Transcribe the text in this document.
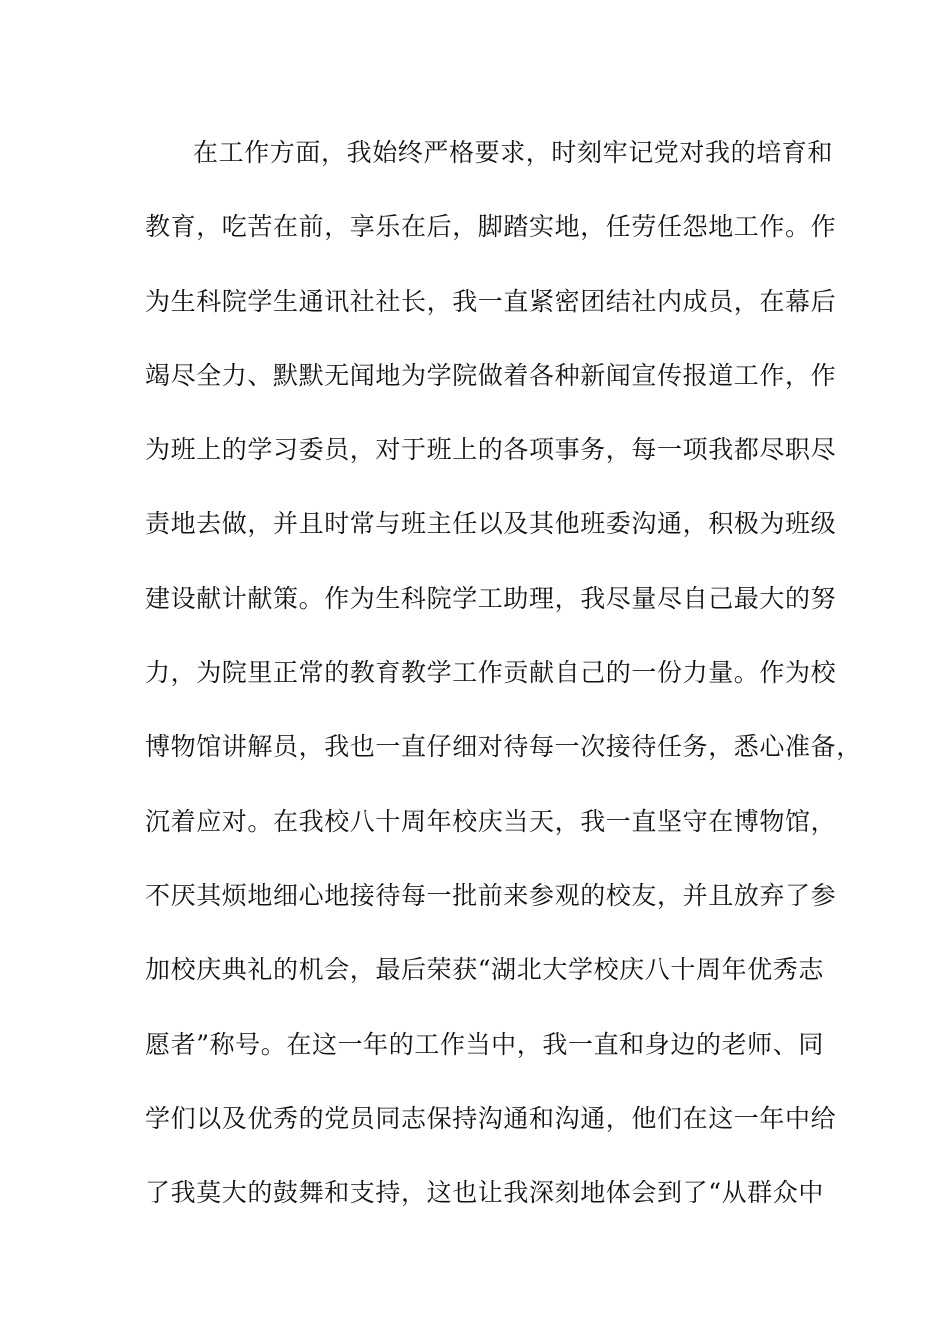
在工作方面，我始终严格要求，时刻牢记党对我的培育和
教育，吃苦在前，享乐在后，脚踏实地，任劳任怨地工作。作
为生科院学生通讯社社长，我一直紧密团结社内成员，在幕后
竭尽全力、默默无闻地为学院做着各种新闻宣传报道工作，作
为班上的学习委员，对于班上的各项事务，每一项我都尽职尽
责地去做，并且时常与班主任以及其他班委沟通，积极为班级
建设献计献策。作为生科院学工助理，我尽量尽自己最大的努
力，为院里正常的教育教学工作贡献自己的一份力量。作为校
博物馆讲解员，我也一直仔细对待每一次接待任务，悉心准备，
沉着应对。在我校八十周年校庆当天，我一直坚守在博物馆，
不厌其烦地细心地接待每一批前来参观的校友，并且放弃了参
加校庆典礼的机会，最后荣获“湖北大学校庆八十周年优秀志
愿者”称号。在这一年的工作当中，我一直和身边的老师、同
学们以及优秀的党员同志保持沟通和沟通，他们在这一年中给
了我莫大的鼓舞和支持，这也让我深刻地体会到了“从群众中
